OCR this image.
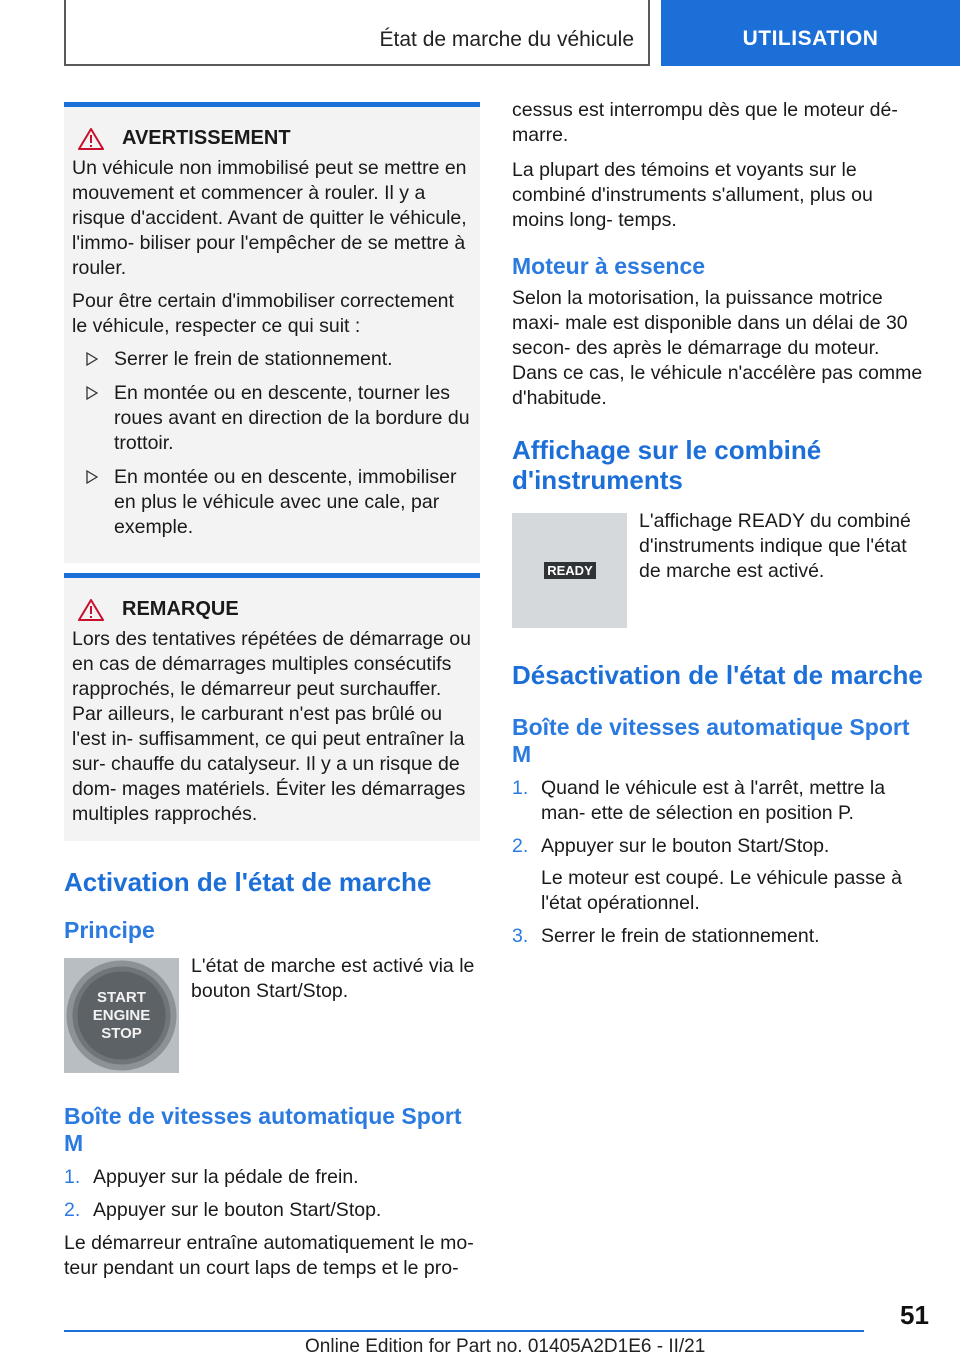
État de marche du véhicule	UTILISATION
AVERTISSEMENT

Un véhicule non immobilisé peut se mettre en mouvement et commencer à rouler. Il y a risque d'accident. Avant de quitter le véhicule, l'immo- biliser pour l'empêcher de se mettre à rouler.

Pour être certain d'immobiliser correctement le véhicule, respecter ce qui suit :

Serrer le frein de stationnement.
En montée ou en descente, tourner les roues avant en direction de la bordure du trottoir.
En montée ou en descente, immobiliser en plus le véhicule avec une cale, par exemple.
REMARQUE

Lors des tentatives répétées de démarrage ou en cas de démarrages multiples consécutifs rapprochés, le démarreur peut surchauffer. Par ailleurs, le carburant n'est pas brûlé ou l'est in- suffisamment, ce qui peut entraîner la sur- chauffe du catalyseur. Il y a un risque de dom- mages matériels. Éviter les démarrages multiples rapprochés.

Activation de l'état de marche
Principe
START
ENGINE
STOP

L'état de marche est activé via le bouton Start/Stop.

Boîte de vitesses automatique Sport M
1. Appuyer sur la pédale de frein.
2. Appuyer sur le bouton Start/Stop.

Le démarreur entraîne automatiquement le mo- teur pendant un court laps de temps et le pro-

cessus est interrompu dès que le moteur dé- marre.

La plupart des témoins et voyants sur le combiné d'instruments s'allument, plus ou moins long- temps.

Moteur à essence

Selon la motorisation, la puissance motrice maxi- male est disponible dans un délai de 30 secon- des après le démarrage du moteur. Dans ce cas, le véhicule n'accélère pas comme d'habitude.

Affichage sur le combiné d'instruments
READY

L'affichage READY du combiné d'instruments indique que l'état de marche est activé.

Désactivation de l'état de marche
Boîte de vitesses automatique Sport M
1. Quand le véhicule est à l'arrêt, mettre la man- ette de sélection en position P.
2. Appuyer sur le bouton Start/Stop.
Le moteur est coupé. Le véhicule passe à l'état opérationnel.
3. Serrer le frein de stationnement.
51
Online Edition for Part no. 01405A2D1E6 - II/21
